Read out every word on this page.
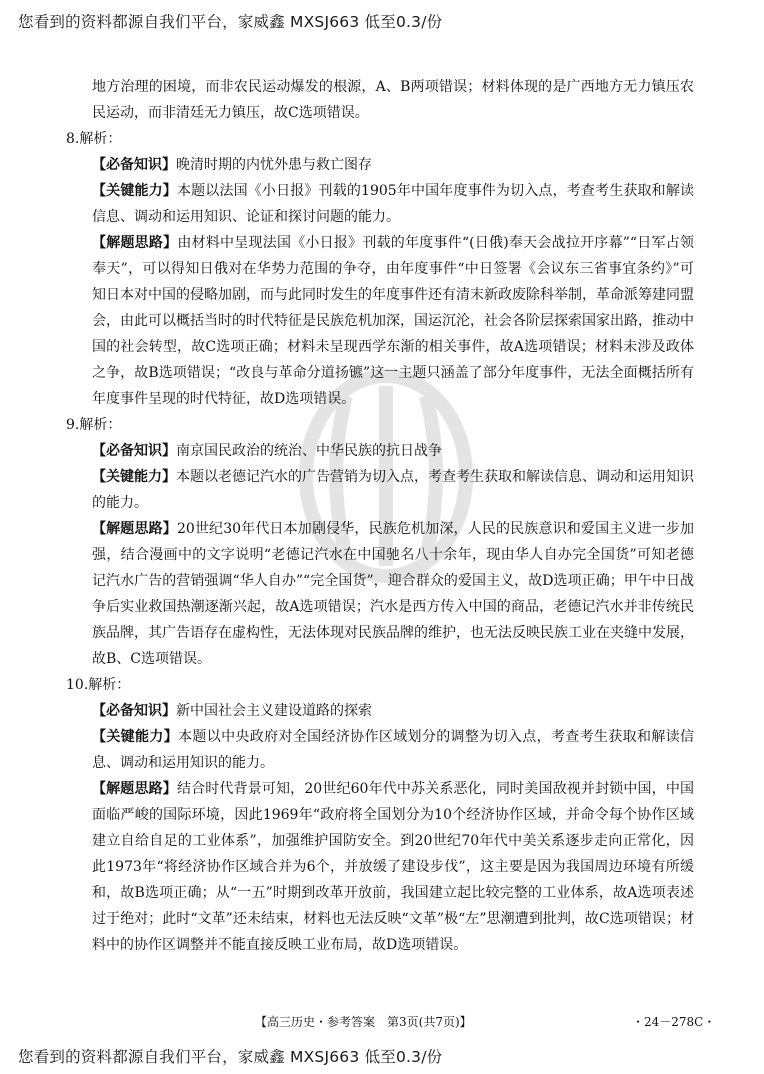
您看到的资料都源自我们平台，家威鑫 MXSJ663 低至0.3/份

地方治理的困境，而非农民运动爆发的根源，A、B两项错误；材料体现的是广西地方无力镇压农民运动，而非清廷无力镇压，故C选项错误。

8.解析：

【必备知识】晚清时期的内忧外患与救亡图存

【关键能力】本题以法国《小日报》刊载的1905年中国年度事件为切入点，考查考生获取和解读信息、调动和运用知识、论证和探讨问题的能力。

【解题思路】由材料中呈现法国《小日报》刊载的年度事件“(日俄)奉天会战拉开序幕”“日军占领奉天”，可以得知日俄对在华势力范围的争夺，由年度事件“中日签署《会议东三省事宜条约》”可知日本对中国的侵略加剧，而与此同时发生的年度事件还有清末新政废除科举制，革命派筹建同盟会，由此可以概括当时的时代特征是民族危机加深，国运沉沦，社会各阶层探索国家出路，推动中国的社会转型，故C选项正确；材料未呈现西学东渐的相关事件，故A选项错误；材料未涉及政体之争，故B选项错误；“改良与革命分道扬镳”这一主题只涵盖了部分年度事件，无法全面概括所有年度事件呈现的时代特征，故D选项错误。

9.解析：

【必备知识】南京国民政治的统治、中华民族的抗日战争

【关键能力】本题以老德记汽水的广告营销为切入点，考查考生获取和解读信息、调动和运用知识的能力。

【解题思路】20世纪30年代日本加剧侵华，民族危机加深，人民的民族意识和爱国主义进一步加强，结合漫画中的文字说明“老德记汽水在中国驰名八十余年，现由华人自办完全国货”可知老德记汽水广告的营销强调“华人自办”“完全国货”，迎合群众的爱国主义，故D选项正确；甲午中日战争后实业救国热潮逐渐兴起，故A选项错误；汽水是西方传入中国的商品，老德记汽水并非传统民族品牌，其广告语存在虚构性，无法体现对民族品牌的维护，也无法反映民族工业在夹缝中发展，故B、C选项错误。

10.解析：

【必备知识】新中国社会主义建设道路的探索

【关键能力】本题以中央政府对全国经济协作区域划分的调整为切入点，考查考生获取和解读信息、调动和运用知识的能力。

【解题思路】结合时代背景可知，20世纪60年代中苏关系恶化，同时美国敌视并封锁中国，中国面临严峻的国际环境，因此1969年“政府将全国划分为10个经济协作区域，并命令每个协作区域建立自给自足的工业体系”，加强维护国防安全。到20世纪70年代中美关系逐步走向正常化，因此1973年“将经济协作区域合并为6个，并放缓了建设步伐”，这主要是因为我国周边环境有所缓和，故B选项正确；从“一五”时期到改革开放前，我国建立起比较完整的工业体系，故A选项表述过于绝对；此时“文革”还未结束，材料也无法反映“文革”极“左”思潮遭到批判，故C选项错误；材料中的协作区调整并不能直接反映工业布局，故D选项错误。

【高三历史・参考答案　第3页(共7页)】	・24－278C・
您看到的资料都源自我们平台，家威鑫 MXSJ663 低至0.3/份
